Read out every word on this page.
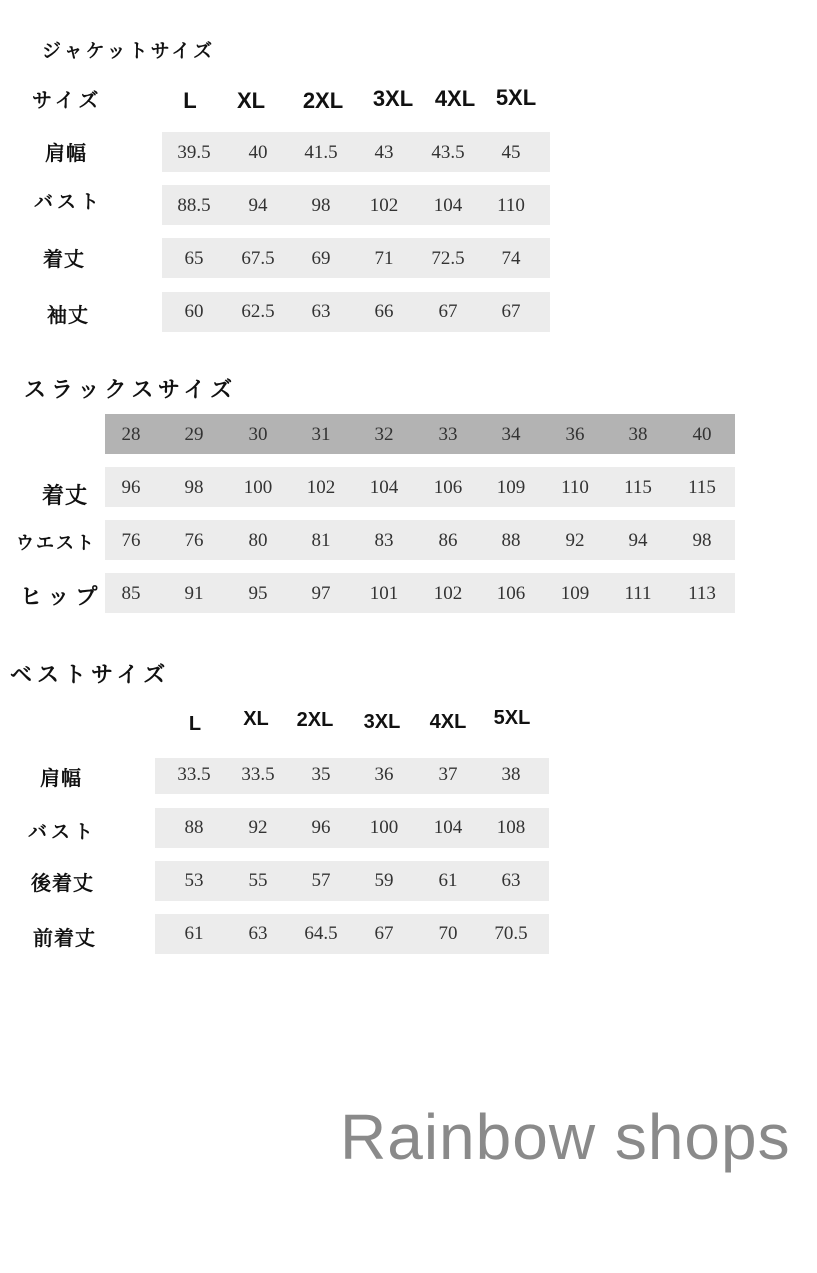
ジャケットサイズ
サイズ	L	XL	2XL	3XL 4XL 5XL
肩幅	39.5	40	41.5	43	43.5	45
バスト	88.5	94	98	102	104	110
着丈	65	67.5	69	71	72.5	74
袖丈	60	62.5	63	66	67	67
スラックスサイズ
28	29	30	31	32	33	34	36	38	40
着丈	96	98	100	102	104	106	109	110	115	115
ウエスト	76	76	80	81	83	86	88	92	94	98
ヒップ 85	91	95	97	101	102	106	109	111	113
ベストサイズ
L	XL	2XL	3XL	4XL	5XL
肩幅	33.5	33.5	35	36	37	38
バスト	88	92	96	100	104	108
後着丈	53	55	57	59	61	63
前着丈	61	63	64.5	67	70	70.5
Rainbow shops
